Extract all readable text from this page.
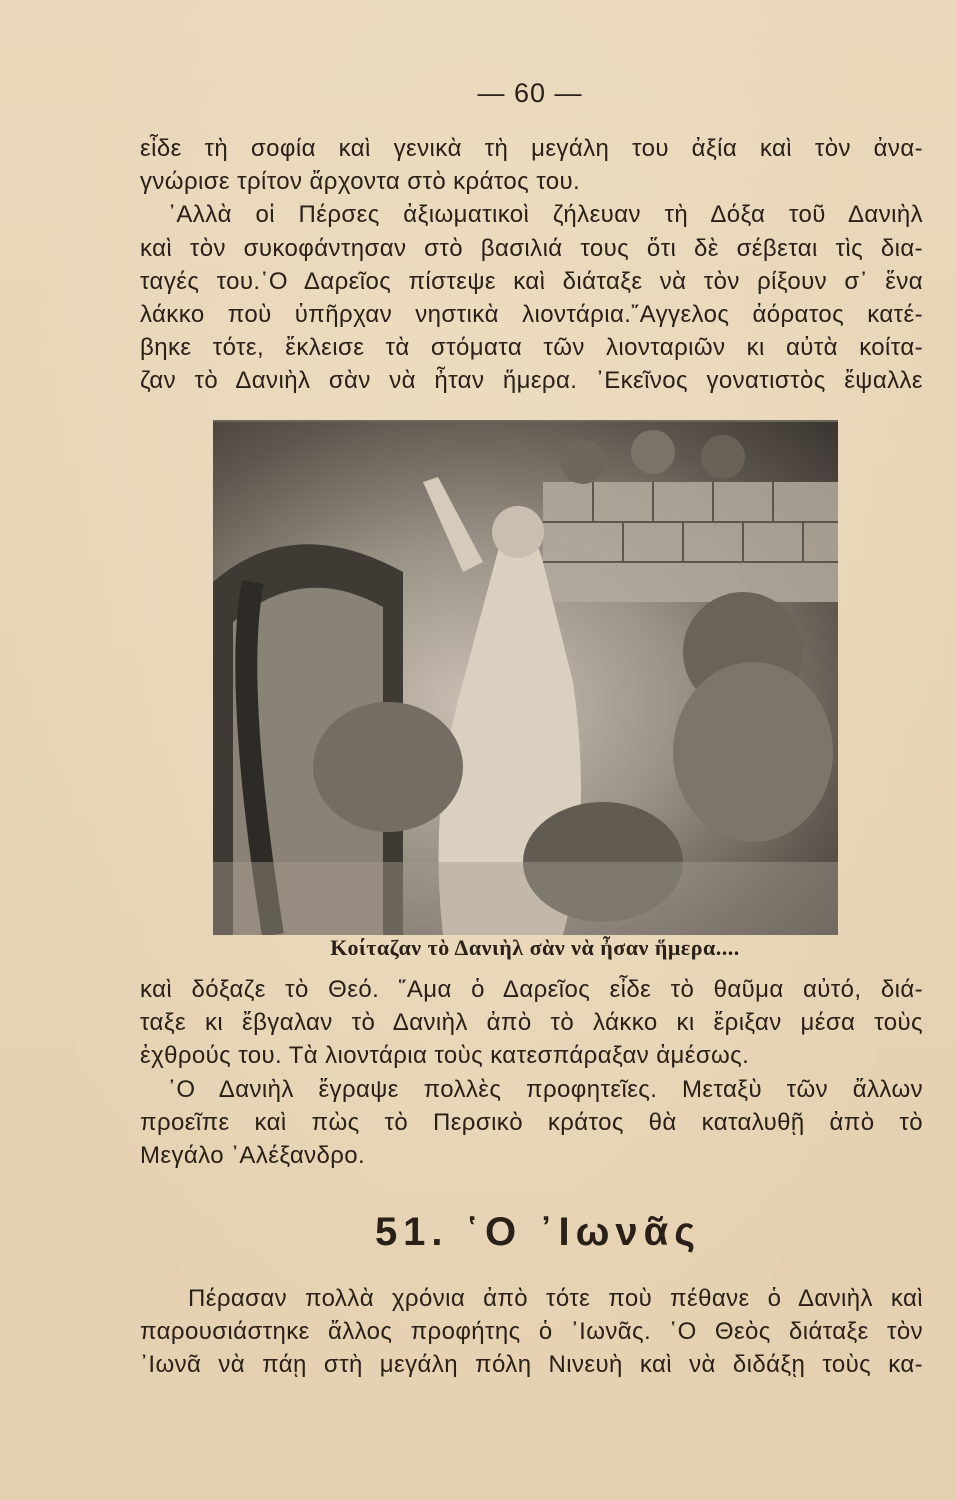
— 60 —
εἶδε τὴ σοφία καὶ γενικὰ τὴ μεγάλη του ἀξία καὶ τὸν ἀνα-
γνώρισε τρίτον ἄρχοντα στὸ κράτος του.
᾿Αλλὰ οἱ Πέρσες ἀξιωματικοὶ ζήλευαν τὴ Δόξα τοῦ Δανιὴλ
καὶ τὸν συκοφάντησαν στὸ βασιλιά τους ὅτι δὲ σέβεται τὶς δια-
ταγές του.῾Ο Δαρεῖος πίστεψε καὶ διάταξε νὰ τὸν ρίξουν σ᾿ ἕνα
λάκκο ποὺ ὑπῆρχαν νηστικὰ λιοντάρια.῎Αγγελος ἀόρατος κατέ-
βηκε τότε, ἔκλεισε τὰ στόματα τῶν λιονταριῶν κι αὐτὰ κοίτα-
ζαν τὸ Δανιὴλ σὰν νὰ ἦταν ἥμερα. ᾿Εκεῖνος γονατιστὸς ἔψαλλε
Κοίταζαν τὸ Δανιὴλ σὰν νὰ ἦσαν ἥμερα....
καὶ δόξαζε τὸ Θεό. ῞Αμα ὁ Δαρεῖος εἶδε τὸ θαῦμα αὐτό, διά-
ταξε κι ἔβγαλαν τὸ Δανιὴλ ἀπὸ τὸ λάκκο κι ἔριξαν μέσα τοὺς
ἐχθρούς του. Τὰ λιοντάρια τοὺς κατεσπάραξαν ἀμέσως.
῾Ο Δανιὴλ ἔγραψε πολλὲς προφητεῖες. Μεταξὺ τῶν ἄλλων
προεῖπε καὶ πὼς τὸ Περσικὸ κράτος θὰ καταλυθῇ ἀπὸ τὸ
Μεγάλο ᾿Αλέξανδρο.
51. ῾Ο ᾿Ιωνᾶς
Πέρασαν πολλὰ χρόνια ἀπὸ τότε ποὺ πέθανε ὁ Δανιὴλ καὶ
παρουσιάστηκε ἄλλος προφήτης ὁ ᾿Ιωνᾶς. ῾Ο Θεὸς διάταξε τὸν
᾿Ιωνᾶ νὰ πάῃ στὴ μεγάλη πόλη Νινευὴ καὶ νὰ διδάξῃ τοὺς κα-
